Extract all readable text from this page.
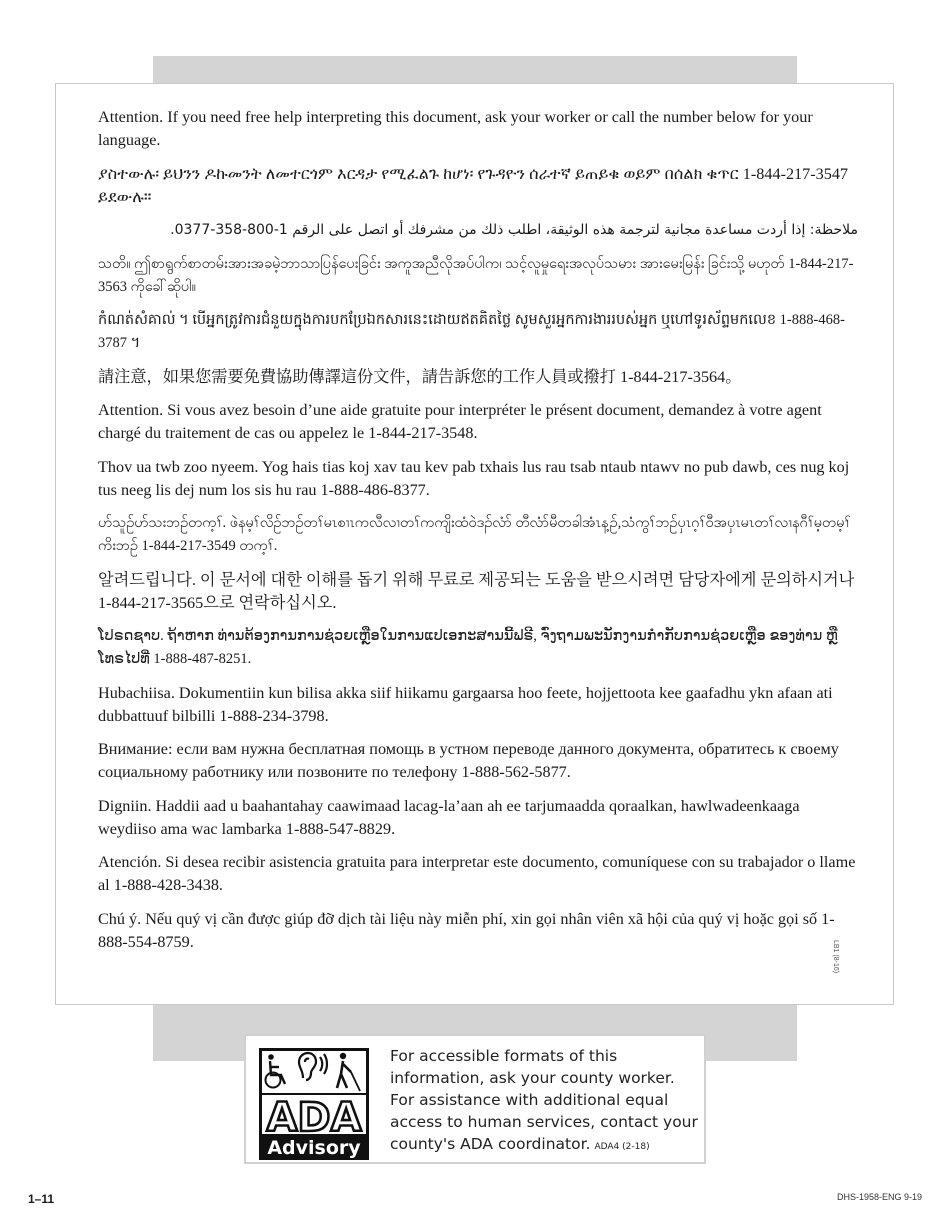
Attention. If you need free help interpreting this document, ask your worker or call the number below for your language.

ያስተውሉ፡ ይህንን ዶኩመንት ለመተርጎም እርዳታ የሚፈልጉ ከሆነ፡ የጉዳዮን ሰራተኛ ይጠይቁ ወይም በሰልክ ቁጥር 1-844-217-3547 ይደውሉ።

ملاحظة: إذا أردت مساعدة مجانية لترجمة هذه الوثيقة، اطلب ذلك من مشرفك أو اتصل على الرقم 1-800-358-0377.

သတိ။ ဤစာရွက်စာတမ်းအားအခမဲ့ဘာသာပြန်ပေးခြင်း အကူအညီလိုအပ်ပါက၊ သင့်လူမှုရေးအလုပ်သမား အားမေးမြန်း ခြင်းသို့ မဟုတ် 1-844-217-3563 ကိုခေါ်ဆိုပါ။

កំណត់សំគាល់ ។ បើអ្នកត្រូវការជំនួយក្នុងការបកប្រែឯកសារនេះដោយឥតគិតថ្លៃ សូមសួរអ្នកការងាររបស់អ្នក ឬហៅទូរស័ព្ទមកលេខ 1-888-468-3787 ។

請注意，如果您需要免費協助傳譯這份文件，請告訴您的工作人員或撥打 1-844-217-3564。

Attention. Si vous avez besoin d’une aide gratuite pour interpréter le présent document, demandez à votre agent chargé du traitement de cas ou appelez le 1-844-217-3548.

Thov ua twb zoo nyeem. Yog hais tias koj xav tau kev pab txhais lus rau tsab ntaub ntawv no pub dawb, ces nug koj tus neeg lis dej num los sis hu rau 1-888-486-8377.

ဟ်သူဉ်ဟ်သးဘဉ်တက့ၢ်. ဖဲနမ့ၢ်လိဉ်ဘဉ်တၢ်မၤစၢၤကလီလၢတၢ်ကကျိးထံဝဲဒၣ်လံာ် တီလံာ်မီတခါအံၤန့ဉ်,သံကွၢ်ဘဉ်ပှၤဂ့ၢ်ဝီအပှၤမၤတၢ်လၢနဂီၢ်မ့တမ့ၢ်ကိးဘဉ် 1-844-217-3549 တက့ၢ်.

알려드립니다. 이 문서에 대한 이해를 돕기 위해 무료로 제공되는 도움을 받으시려면 담당자에게 문의하시거나 1-844-217-3565으로 연락하십시오.

ໂປຣດຊາບ. ຖ້າຫາກ ທ່ານຕ້ອງການການຊ່ວຍເຫຼືອໃນການແປເອກະສານນີ້ຟຣີ, ຈົ່ງຖາມພະນັກງານກໍາກັບການຊ່ວຍເຫຼືອ ຂອງທ່ານ ຫຼື ໂທຣໄປທີ່ 1-888-487-8251.

Hubachiisa. Dokumentiin kun bilisa akka siif hiikamu gargaarsa hoo feete, hojjettoota kee gaafadhu ykn afaan ati dubbattuuf bilbilli 1-888-234-3798.

Внимание: если вам нужна бесплатная помощь в устном переводе данного документа, обратитесь к своему социальному работнику или позвоните по телефону 1-888-562-5877.

Digniin. Haddii aad u baahantahay caawimaad lacag-la’aan ah ee tarjumaadda qoraalkan, hawlwadeenkaaga weydiiso ama wac lambarka 1-888-547-8829.

Atención. Si desea recibir asistencia gratuita para interpretar este documento, comuníquese con su trabajador o llame al 1-888-428-3438.

Chú ý. Nếu quý vị cần được giúp đỡ dịch tài liệu này miễn phí, xin gọi nhân viên xã hội của quý vị hoặc gọi số 1-888-554-8759.	LB1 (8-16)
ADA
Advisory
For accessible formats of this
information, ask your county worker.
For assistance with additional equal
access to human services, contact your
county's ADA coordinator. ADA4 (2-18)
1–11	DHS-1958-ENG 9-19
